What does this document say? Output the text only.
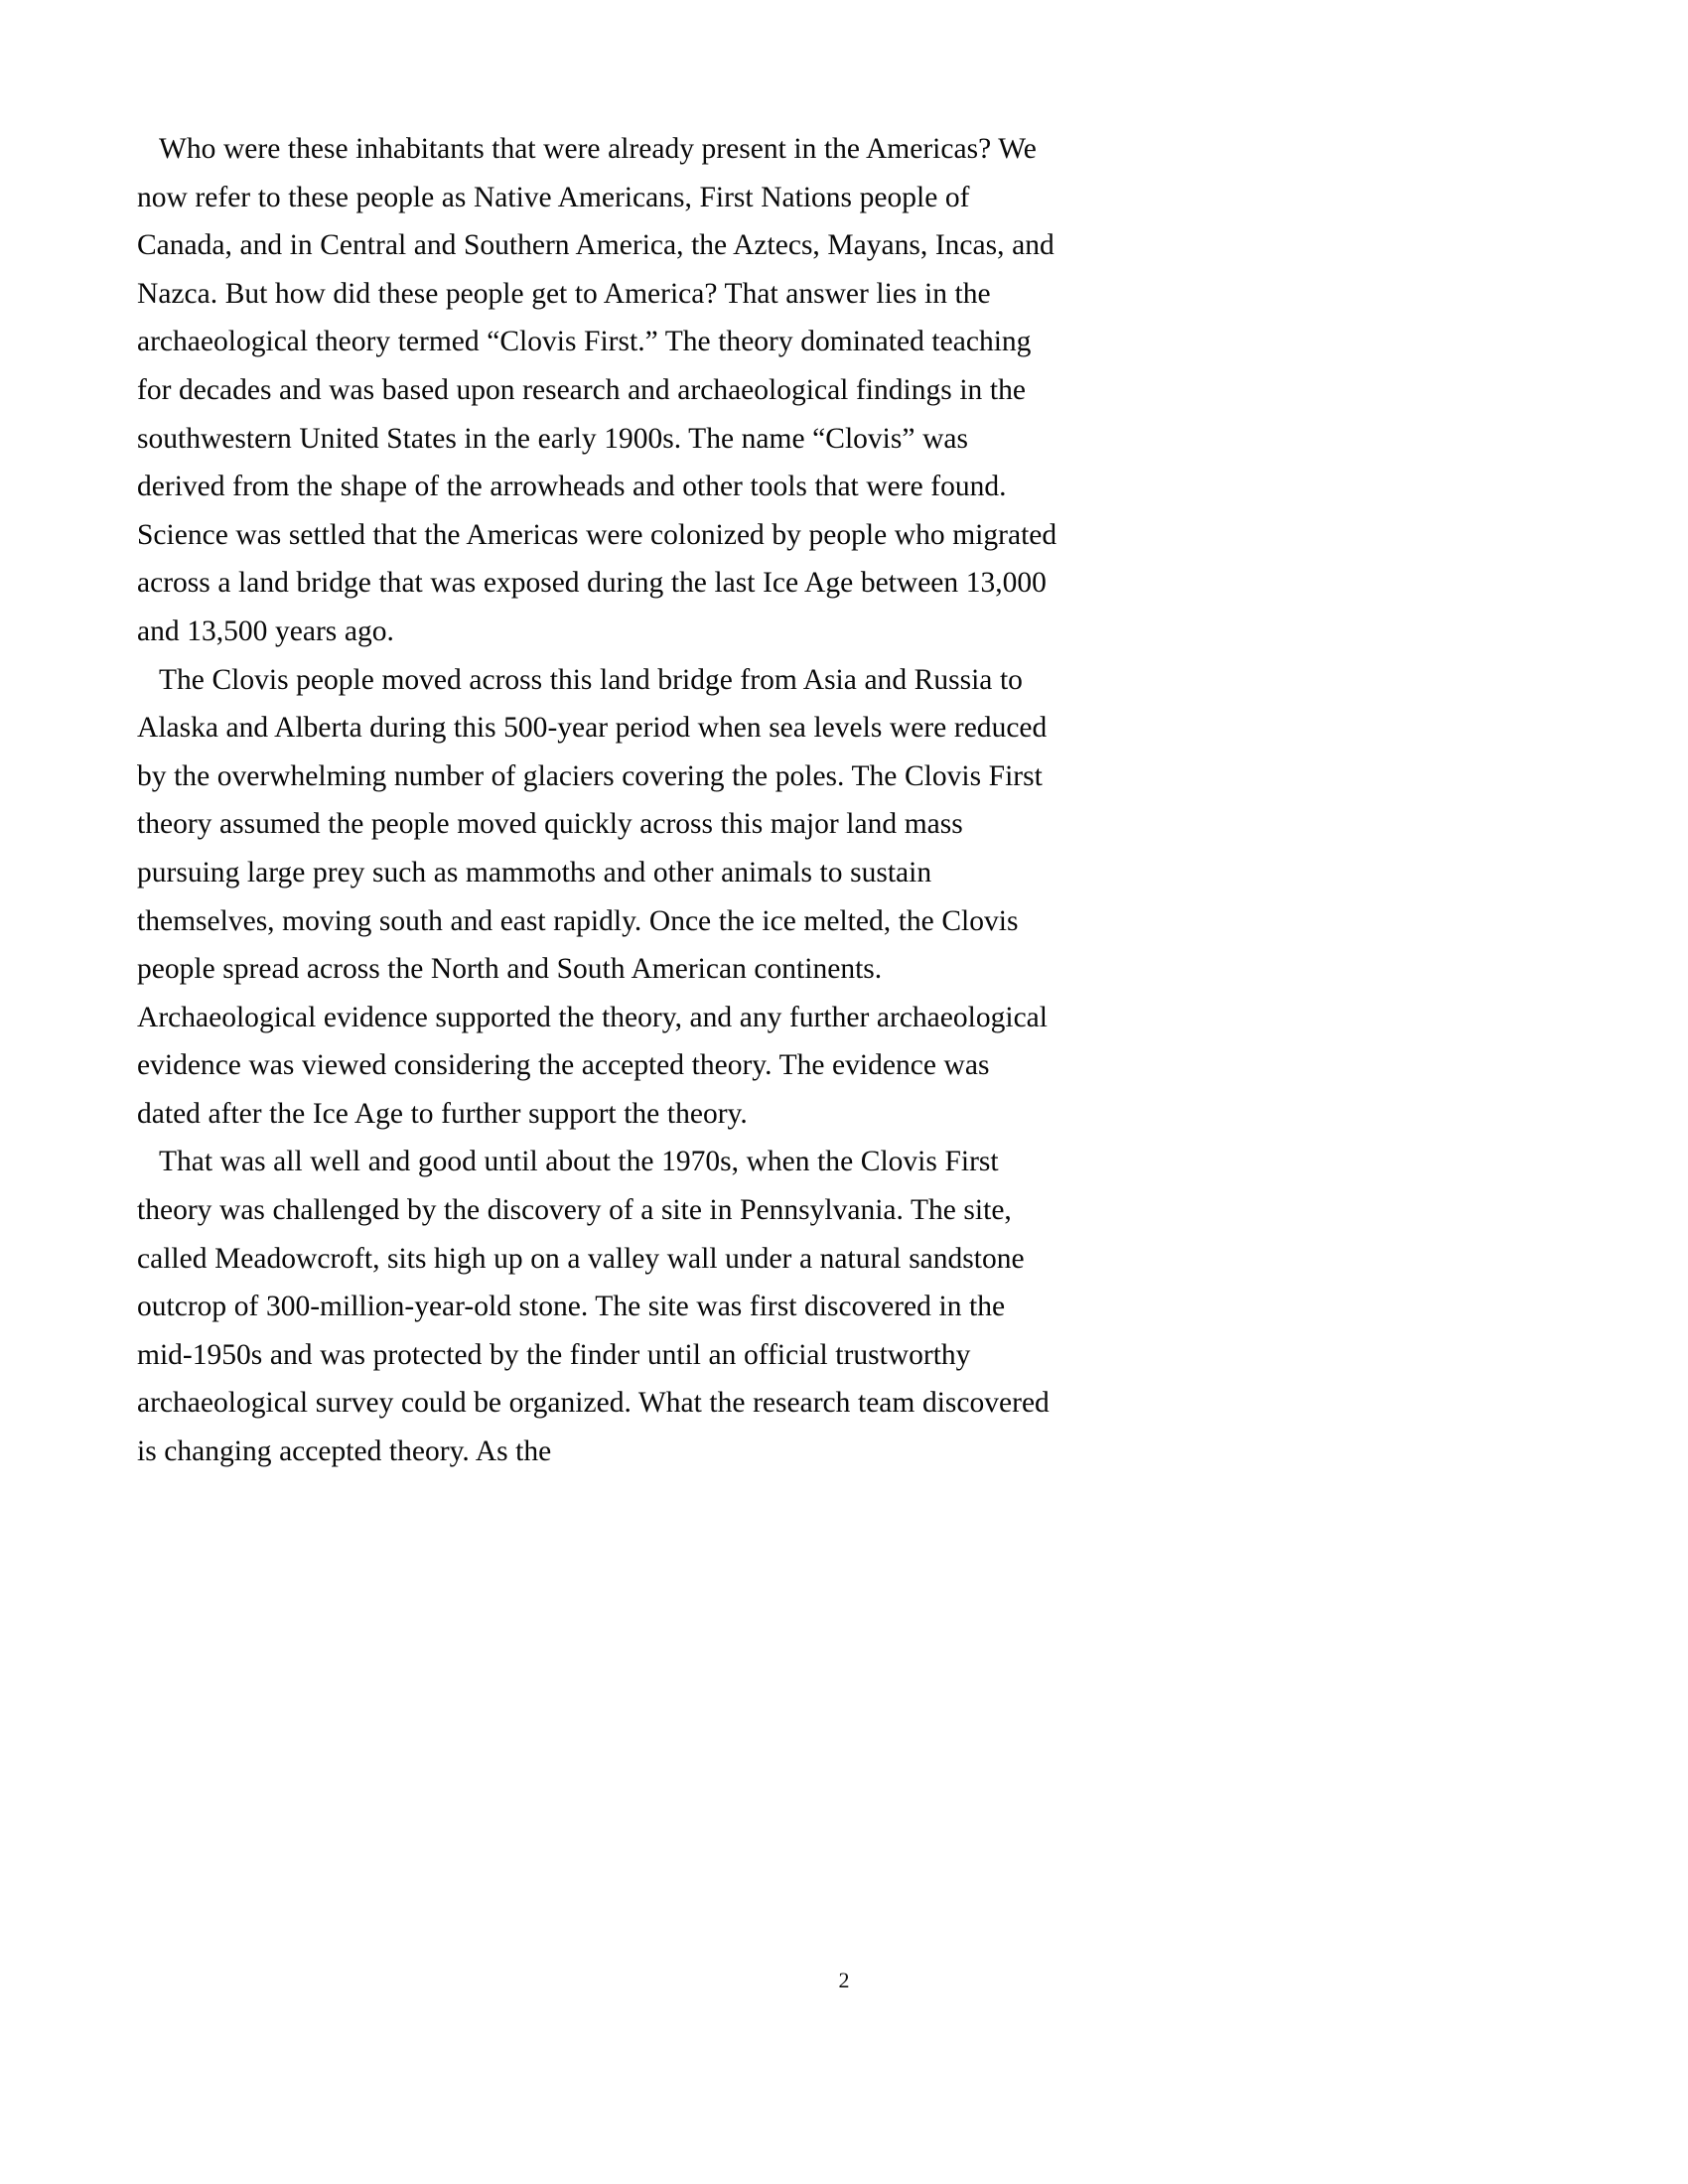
Who were these inhabitants that were already present in the Americas? We now refer to these people as Native Americans, First Nations people of Canada, and in Central and Southern America, the Aztecs, Mayans, Incas, and Nazca. But how did these people get to America? That answer lies in the archaeological theory termed “Clovis First.” The theory dominated teaching for decades and was based upon research and archaeological findings in the southwestern United States in the early 1900s. The name “Clovis” was derived from the shape of the arrowheads and other tools that were found. Science was settled that the Americas were colonized by people who migrated across a land bridge that was exposed during the last Ice Age between 13,000 and 13,500 years ago.

The Clovis people moved across this land bridge from Asia and Russia to Alaska and Alberta during this 500-year period when sea levels were reduced by the overwhelming number of glaciers covering the poles. The Clovis First theory assumed the people moved quickly across this major land mass pursuing large prey such as mammoths and other animals to sustain themselves, moving south and east rapidly. Once the ice melted, the Clovis people spread across the North and South American continents. Archaeological evidence supported the theory, and any further archaeological evidence was viewed considering the accepted theory. The evidence was dated after the Ice Age to further support the theory.

That was all well and good until about the 1970s, when the Clovis First theory was challenged by the discovery of a site in Pennsylvania. The site, called Meadowcroft, sits high up on a valley wall under a natural sandstone outcrop of 300-million-year-old stone. The site was first discovered in the mid-1950s and was protected by the finder until an official trustworthy archaeological survey could be organized. What the research team discovered is changing accepted theory. As the

2
